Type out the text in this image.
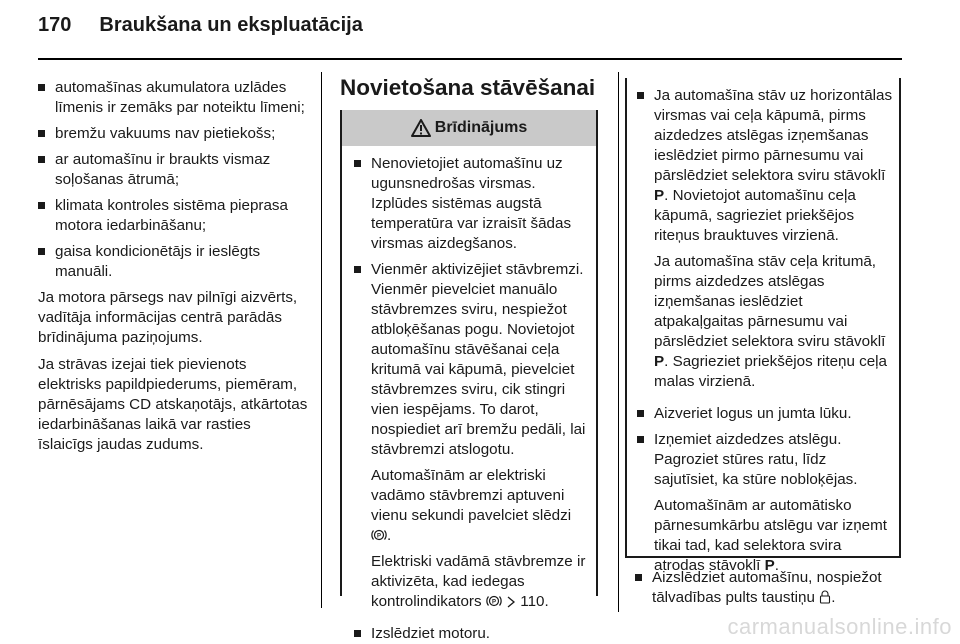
170 Braukšana un ekspluatācija
automašīnas akumulatora uzlādes līmenis ir zemāks par noteiktu līmeni;
bremžu vakuums nav pietiekošs;
ar automašīnu ir braukts vismaz soļošanas ātrumā;
klimata kontroles sistēma pieprasa motora iedarbināšanu;
gaisa kondicionētājs ir ieslēgts manuāli.

Ja motora pārsegs nav pilnīgi aizvērts, vadītāja informācijas centrā parādās brīdinājuma paziņojums.

Ja strāvas izejai tiek pievienots elektrisks papildpiederums, piemēram, pārnēsājams CD atskaņotājs, atkārtotas iedarbināšanas laikā var rasties īslaicīgs jaudas zudums.

Novietošana stāvēšanai
Brīdinājums
Nenovietojiet automašīnu uz ugunsnedrošas virsmas. Izplūdes sistēmas augstā temperatūra var izraisīt šādas virsmas aizdegšanos.

Vienmēr aktivizējiet stāvbremzi. Vienmēr pievelciet manuālo stāvbremzes sviru, nespiežot atbloķēšanas pogu. Novietojot automašīnu stāvēšanai ceļa kritumā vai kāpumā, pievelciet stāvbremzes sviru, cik stingri vien iespējams. To darot, nospiediet arī bremžu pedāli, lai stāvbremzi atslogotu.

Automašīnām ar elektriski vadāmo stāvbremzi aptuveni vienu sekundi pavelciet slēdzi
P .

Elektriski vadāmā stāvbremze ir aktivizēta, kad iedegas kontrolindikators P 110.

Izslēdziet motoru.

Ja automašīna stāv uz horizontālas virsmas vai ceļa kāpumā, pirms aizdedzes atslēgas izņemšanas ieslēdziet pirmo pārnesumu vai pārslēdziet selektora sviru stāvoklī P. Novietojot automašīnu ceļa kāpumā, sagrieziet priekšējos riteņus brauktuves virzienā.

Ja automašīna stāv ceļa kritumā, pirms aizdedzes atslēgas izņemšanas ieslēdziet atpakaļgaitas pārnesumu vai pārslēdziet selektora sviru stāvoklī P. Sagrieziet priekšējos riteņu ceļa malas virzienā.

Aizveriet logus un jumta lūku.

Izņemiet aizdedzes atslēgu. Pagroziet stūres ratu, līdz sajutīsiet, ka stūre nobloķējas.

Automašīnām ar automātisko pārnesumkārbu atslēgu var izņemt tikai tad, kad selektora svira atrodas stāvoklī P.

Aizslēdziet automašīnu, nospiežot tālvadības pults taustiņu .
carmanualsonline.info
